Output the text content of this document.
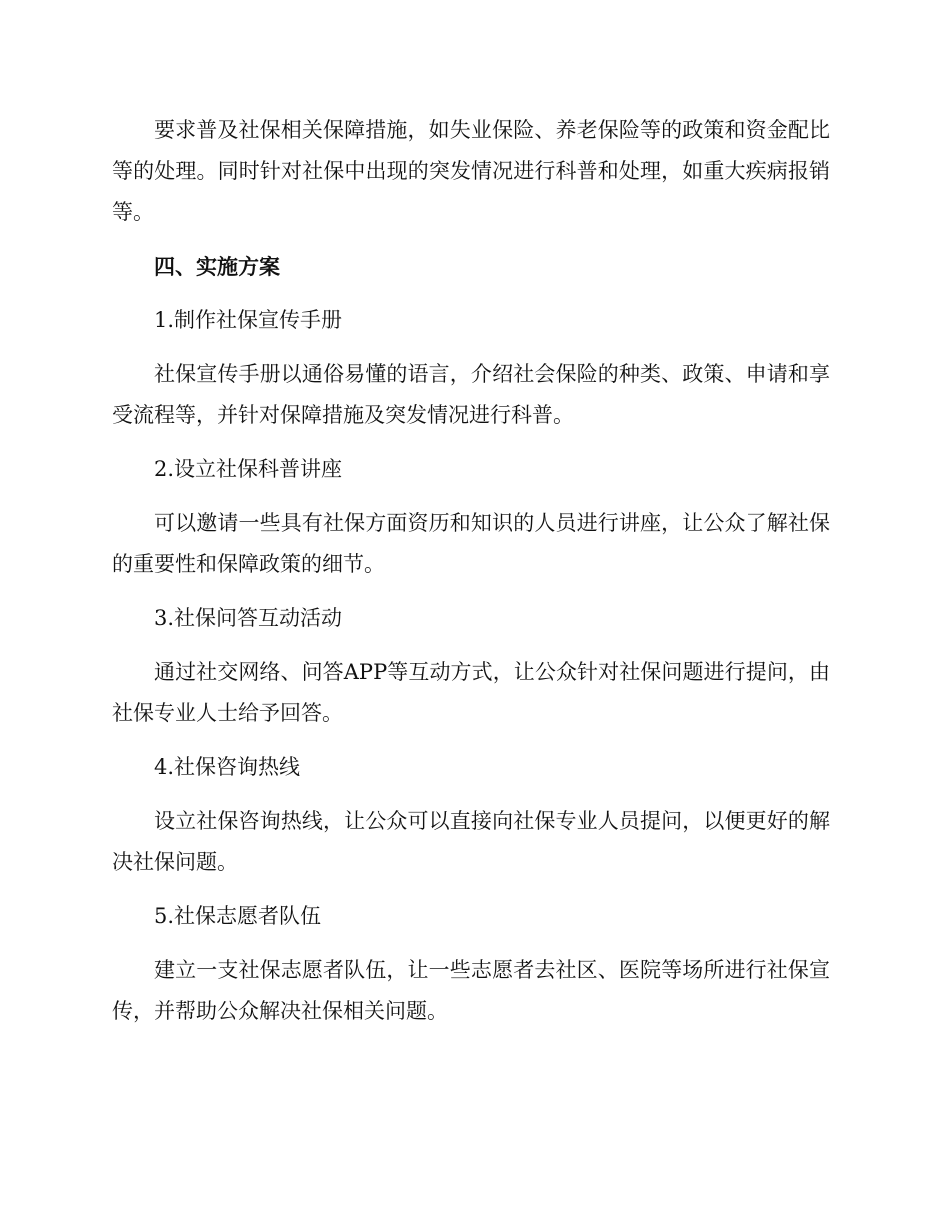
要求普及社保相关保障措施，如失业保险、养老保险等的政策和资金配比等的处理。同时针对社保中出现的突发情况进行科普和处理，如重大疾病报销等。

四、实施方案

1.制作社保宣传手册

社保宣传手册以通俗易懂的语言，介绍社会保险的种类、政策、申请和享受流程等，并针对保障措施及突发情况进行科普。

2.设立社保科普讲座

可以邀请一些具有社保方面资历和知识的人员进行讲座，让公众了解社保的重要性和保障政策的细节。

3.社保问答互动活动

通过社交网络、问答APP等互动方式，让公众针对社保问题进行提问，由社保专业人士给予回答。

4.社保咨询热线

设立社保咨询热线，让公众可以直接向社保专业人员提问，以便更好的解决社保问题。

5.社保志愿者队伍

建立一支社保志愿者队伍，让一些志愿者去社区、医院等场所进行社保宣传，并帮助公众解决社保相关问题。
